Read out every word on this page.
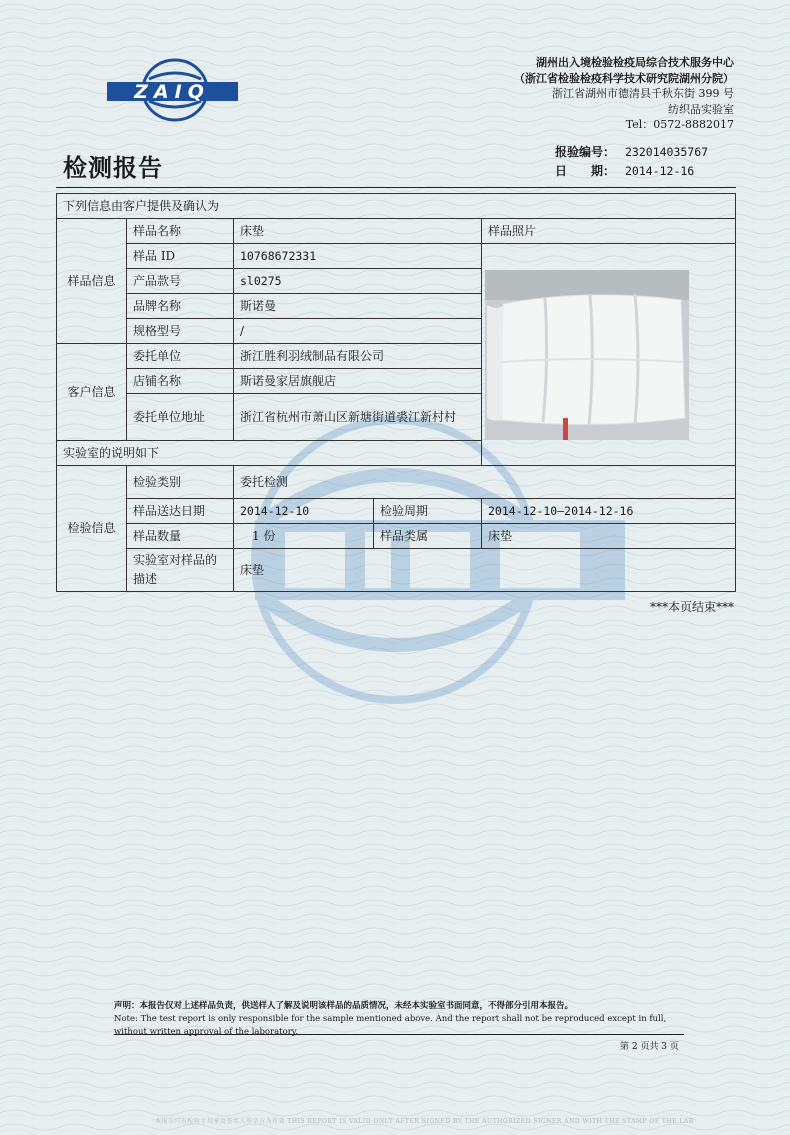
ZAIQ
湖州出入境检验检疫局综合技术服务中心
（浙江省检验检疫科学技术研究院湖州分院）
浙江省湖州市德清县千秋东街 399 号
纺织品实验室
Tel：0572-8882017
检测报告
报验编号： 232014035767
日　　期： 2014-12-16
下列信息由客户提供及确认为				
样品信息	样品名称	床垫		样品照片
	样品 ID	10768672331	

	产品款号	sl0275		
	品牌名称	斯诺曼		
	规格型号	/		
客户信息	委托单位	浙江胜利羽绒制品有限公司		
	店铺名称	斯诺曼家居旗舰店		
	委托单位地址	浙江省杭州市萧山区新塘街道裘江新村村		
实验室的说明如下				
检验信息	检验类别	委托检测		
	样品送达日期	2014-12-10	检验周期	2014-12-10—2014-12-16
	样品数量	1 份	样品类属	床垫
	实验室对样品的描述	床垫		
***本页结束***
声明：本报告仅对上述样品负责，供送样人了解及说明该样品的品质情况，未经本实验室书面同意，不得部分引用本报告。
Note: The test report is only responsible for the sample mentioned above. And the report shall not be reproduced except in full, without written approval of the laboratory.
第 2 页共 3 页
本报告只有检验专用章及签名人签字方为有效 THIS REPORT IS VALID ONLY AFTER SIGNED BY THE AUTHORIZED SIGNER AND WITH THE STAMP OF THE LAB
